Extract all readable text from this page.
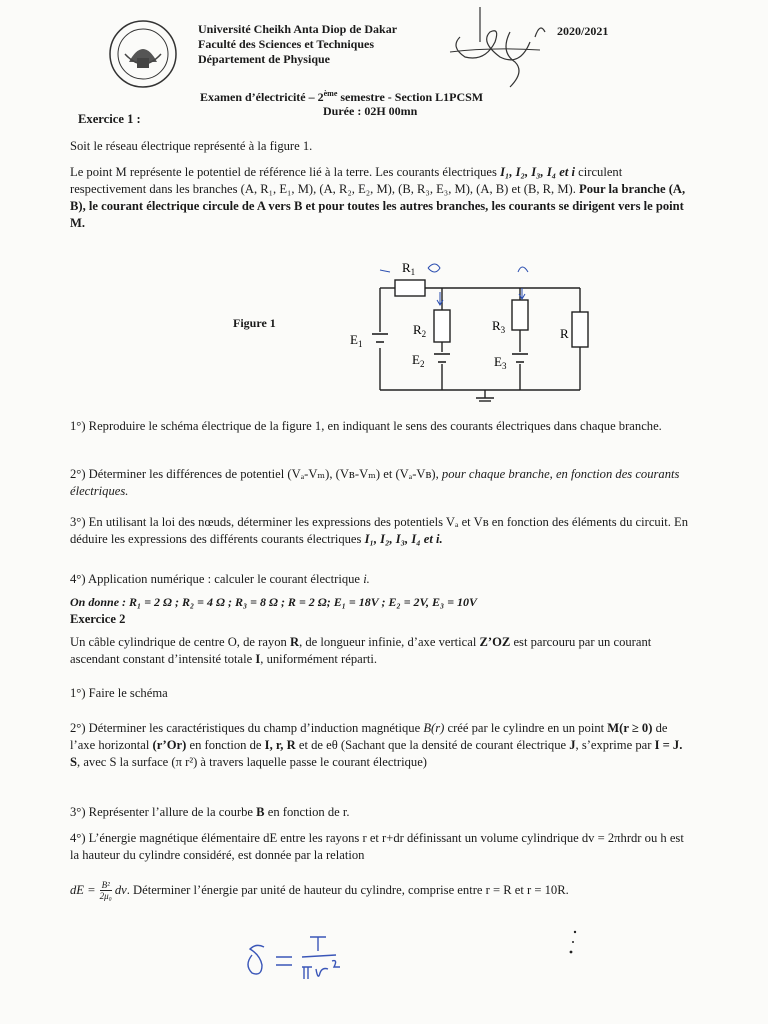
Université Cheikh Anta Diop de Dakar
Faculté des Sciences et Techniques
Département de Physique
2020/2021
Examen d’électricité – 2ème semestre - Section L1PCSM
Durée : 02H 00mn
Exercice 1 :
Soit le réseau électrique représenté à la figure 1.
Le point M représente le potentiel de référence lié à la terre. Les courants électriques I₁, I₂, I₃, I₄ et i circulent respectivement dans les branches (A, R₁, E₁, M), (A, R₂, E₂, M), (B, R₃, E₃, M), (A, B) et (B, R, M). Pour la branche (A, B), le courant électrique circule de A vers B et pour toutes les autres branches, les courants se dirigent vers le point M.
Figure 1
$R_1$
$R_2$
$R_3$	R
$E_1$
$E_2$	$E_3$
1°) Reproduire le schéma électrique de la figure 1, en indiquant le sens des courants électriques dans chaque branche.
2°) Déterminer les différences de potentiel (Vₐ-Vₘ), (Vʙ-Vₘ) et (Vₐ-Vʙ), pour chaque branche, en fonction des courants électriques.
3°) En utilisant la loi des nœuds, déterminer les expressions des potentiels Vₐ et Vʙ en fonction des éléments du circuit. En déduire les expressions des différents courants électriques I₁, I₂, I₃, I₄ et i.
4°) Application numérique : calculer le courant électrique i.
On donne : R₁ = 2 Ω ; R₂ = 4 Ω ; R₃ = 8 Ω ; R = 2 Ω; E₁ = 18V ; E₂ = 2V, E₃ = 10V
Exercice 2
Un câble cylindrique de centre O, de rayon R, de longueur infinie, d’axe vertical Z’OZ est parcouru par un courant ascendant constant d’intensité totale I, uniformément réparti.
1°) Faire le schéma
2°) Déterminer les caractéristiques du champ d’induction magnétique B(r) créé par le cylindre en un point M(r ≥ 0) de l’axe horizontal (r’Or) en fonction de I, r, R et de eθ (Sachant que la densité de courant électrique J, s’exprime par I = J. S, avec S la surface (π r²) à travers laquelle passe le courant électrique)
3°) Représenter l’allure de la courbe B en fonction de r.
4°) L’énergie magnétique élémentaire dE entre les rayons r et r+dr définissant un volume cylindrique dv = 2πhrdr ou h est la hauteur du cylindre considéré, est donnée par la relation
dE = $\frac{\text{B²}}{\text{2μ₀}}$ dv . Déterminer l’énergie par unité de hauteur du cylindre, comprise entre r = R et r = 10R.
